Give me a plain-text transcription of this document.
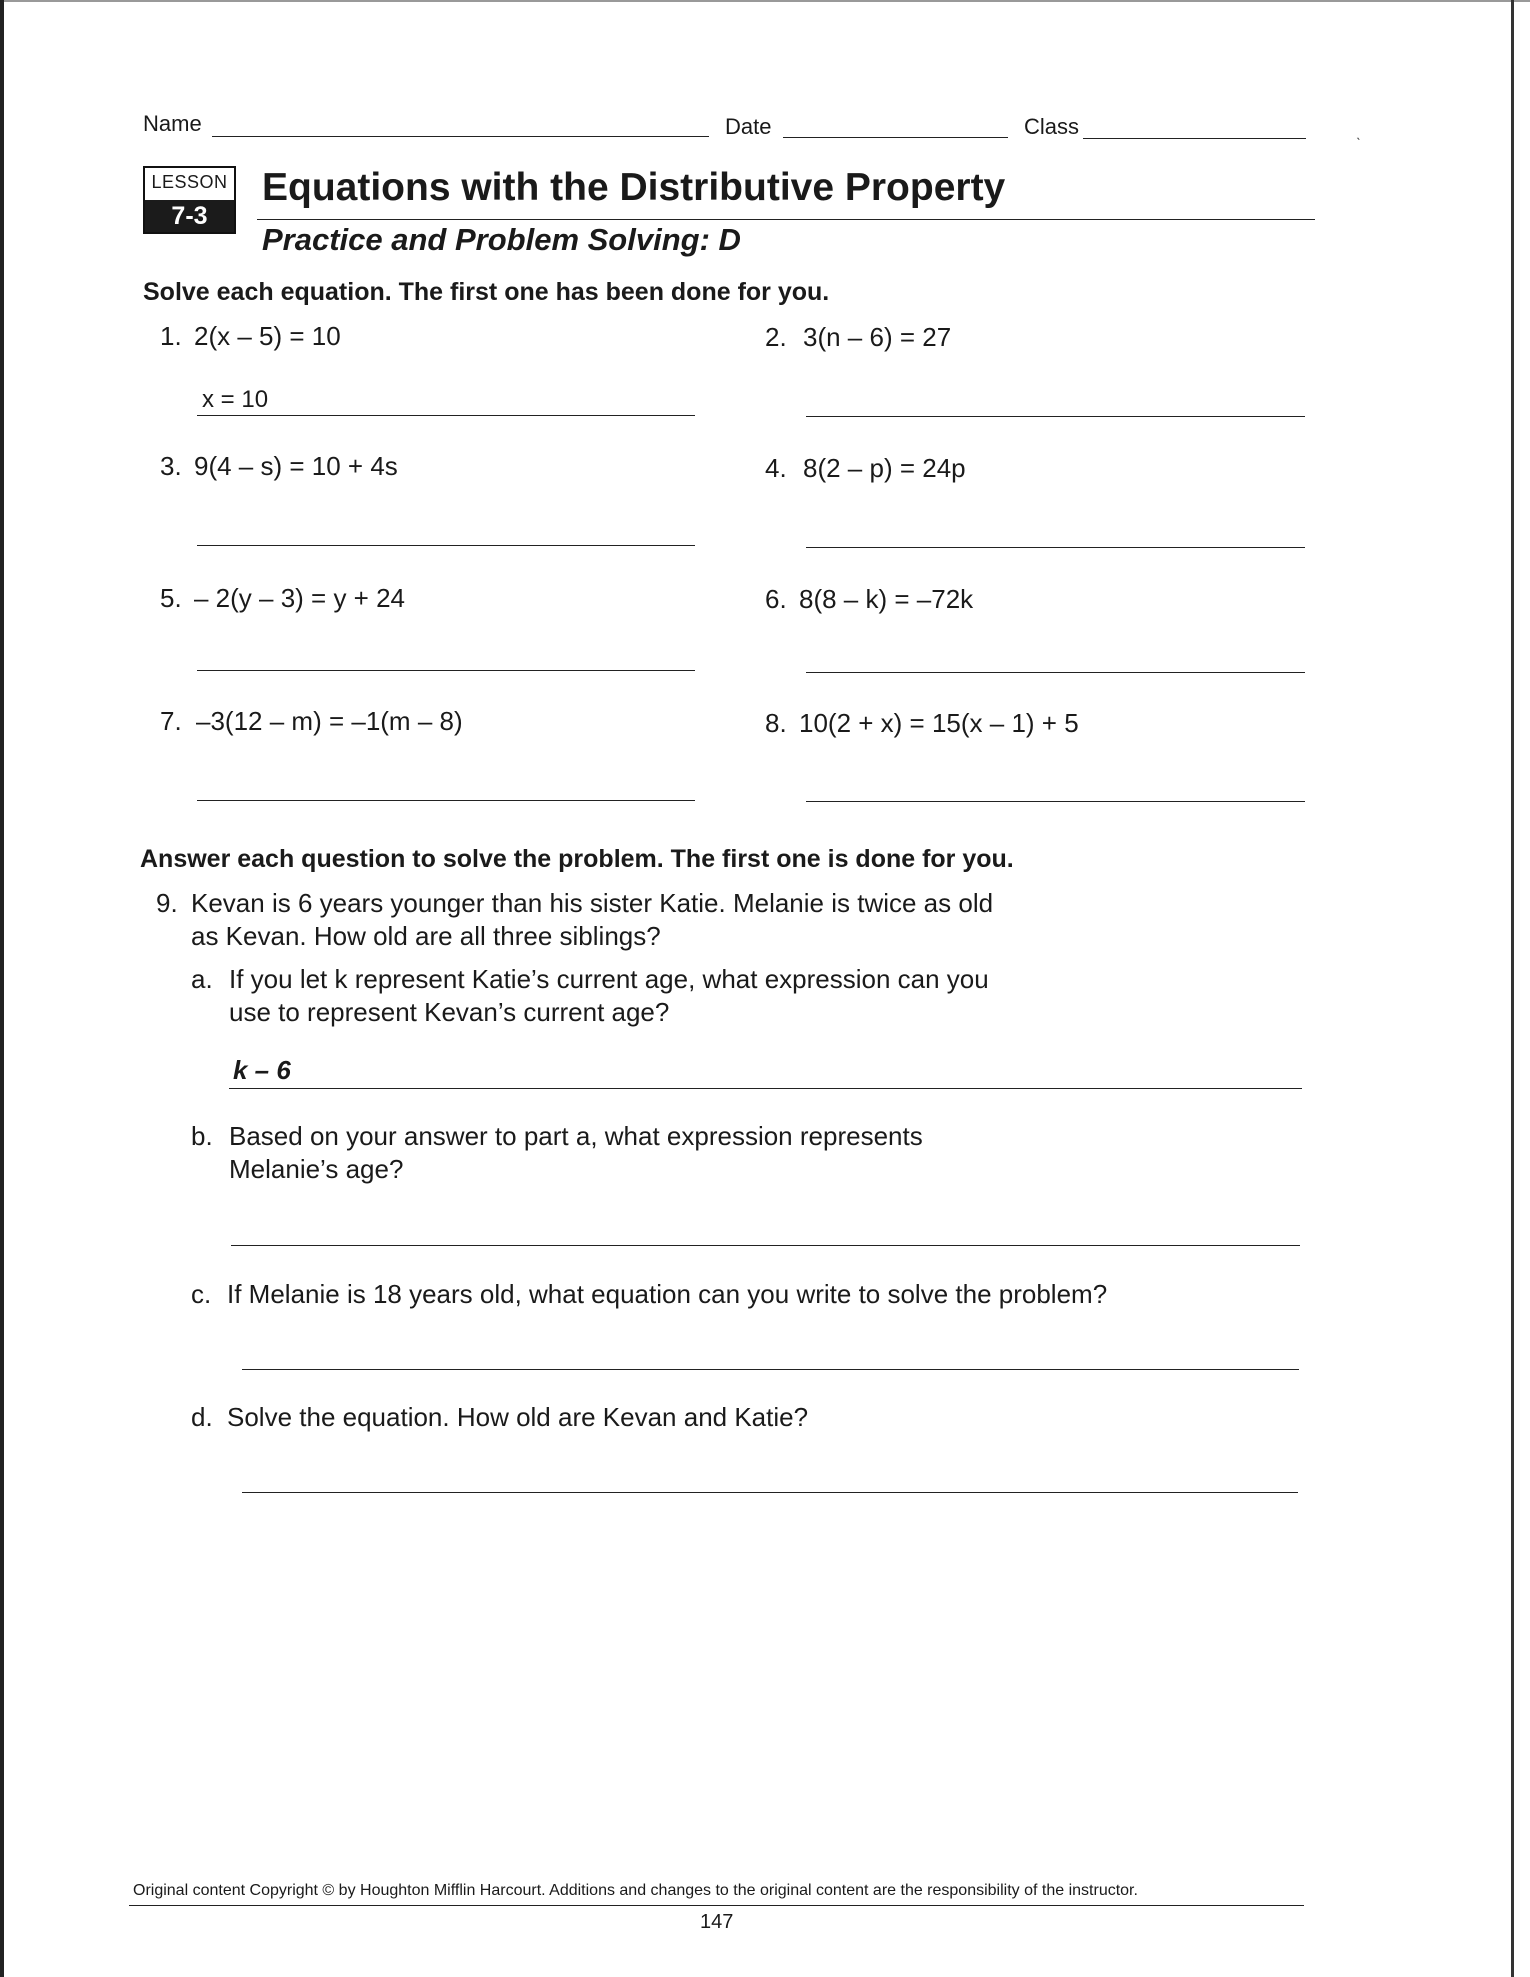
ˎ
Name	Date	Class
LESSON
7-3
Equations with the Distributive Property
Practice and Problem Solving: D
Solve each equation. The first one has been done for you.
1. 2(x – 5) = 10
x = 10
2. 3(n – 6) = 27
3. 9(4 – s) = 10 + 4s	4. 8(2 – p) = 24p
5. – 2(y – 3) = y + 24	6. 8(8 – k) = –72k
7. –3(12 – m) = –1(m – 8)	8. 10(2 + x) = 15(x – 1) + 5
Answer each question to solve the problem. The first one is done for you.
9. Kevan is 6 years younger than his sister Katie. Melanie is twice as old
as Kevan. How old are all three siblings?
a. If you let k represent Katie’s current age, what expression can you
use to represent Kevan’s current age?
k – 6
b. Based on your answer to part a, what expression represents
Melanie’s age?
c. If Melanie is 18 years old, what equation can you write to solve the problem?
d. Solve the equation. How old are Kevan and Katie?
Original content Copyright © by Houghton Mifflin Harcourt. Additions and changes to the original content are the responsibility of the instructor.
147
